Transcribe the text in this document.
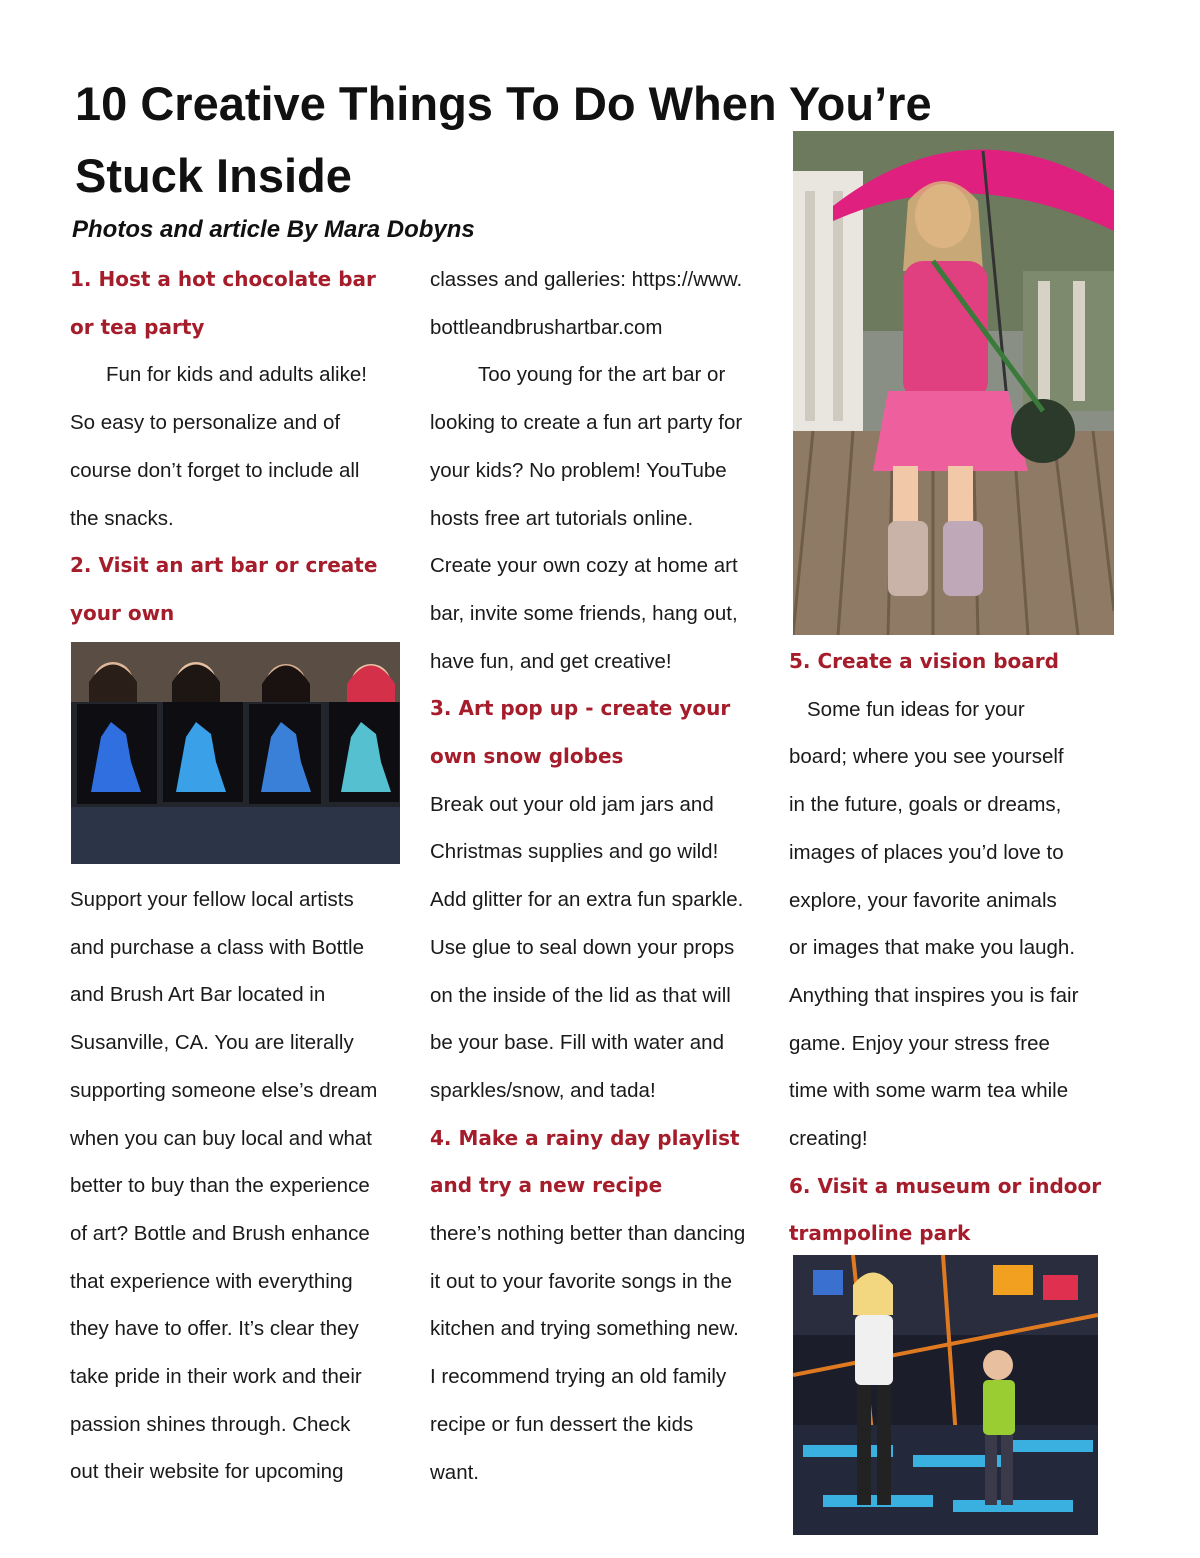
10 Creative Things To Do When You’re
Stuck Inside
Photos and article By Mara Dobyns
1. Host a hot chocolate bar
or tea party

Fun for kids and adults alike!

So easy to personalize and of

course don’t forget to include all

the snacks.

2. Visit an art bar or create
your own

Support your fellow local artists

and purchase a class with Bottle

and Brush Art Bar located in

Susanville, CA. You are literally

supporting someone else’s dream

when you can buy local and what

better to buy than the experience

of art? Bottle and Brush enhance

that experience with everything

they have to offer. It’s clear they

take pride in their work and their

passion shines through. Check

out their website for upcoming

classes and galleries: https://www.

bottleandbrushartbar.com

Too young for the art bar or

looking to create a fun art party for

your kids? No problem! YouTube

hosts free art tutorials online.

Create your own cozy at home art

bar, invite some friends, hang out,

have fun, and get creative!

3. Art pop up - create your
own snow globes

Break out your old jam jars and

Christmas supplies and go wild!

Add glitter for an extra fun sparkle.

Use glue to seal down your props

on the inside of the lid as that will

be your base. Fill with water and

sparkles/snow, and tada!

4. Make a rainy day playlist
and try a new recipe

there’s nothing better than dancing

it out to your favorite songs in the

kitchen and trying something new.

I recommend trying an old family

recipe or fun dessert the kids

want.

5. Create a vision board

Some fun ideas for your

board; where you see yourself

in the future, goals or dreams,

images of places you’d love to

explore, your favorite animals

or images that make you laugh.

Anything that inspires you is fair

game. Enjoy your stress free

time with some warm tea while

creating!

6. Visit a museum or indoor
trampoline park
